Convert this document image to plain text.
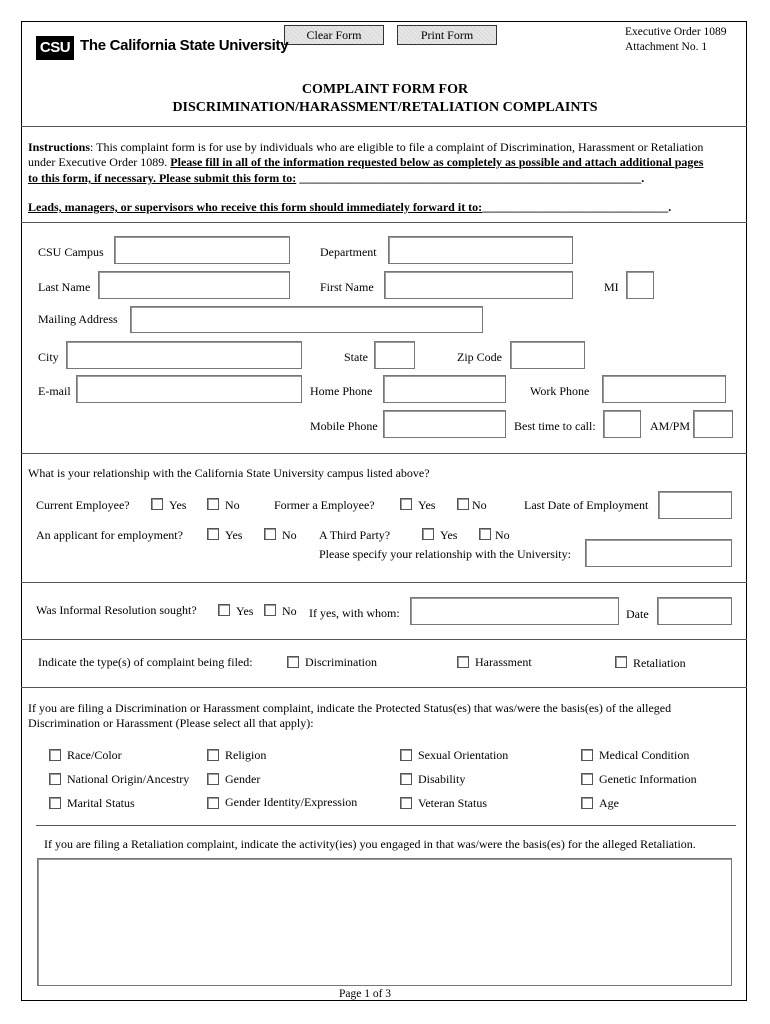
Clear Form	Print Form	Executive Order 1089
Attachment No. 1
CSU The California State University
COMPLAINT FORM FOR
DISCRIMINATION/HARASSMENT/RETALIATION COMPLAINTS
Instructions: This complaint form is for use by individuals who are eligible to file a complaint of Discrimination, Harassment or Retaliation
under Executive Order 1089. Please fill in all of the information requested below as completely as possible and attach additional pages
to this form, if necessary. Please submit this form to: _________________________________________________________.
Leads, managers, or supervisors who receive this form should immediately forward it to:_______________________________.
CSU Campus	Department
Last Name	First Name	MI
Mailing Address
City	State	Zip Code
E-mail	Home Phone	Work Phone
Mobile Phone	Best time to call:	AM/PM
What is your relationship with the California State University campus listed above?
Current Employee?	Yes	No	Former a Employee?	Yes	No	Last Date of Employment
An applicant for employment?	Yes	No A Third Party?	Yes	No
Please specify your relationship with the University:
Was Informal Resolution sought?	Yes No If yes, with whom:	Date
Indicate the type(s) of complaint being filed:	Discrimination	Harassment	Retaliation
If you are filing a Discrimination or Harassment complaint, indicate the Protected Status(es) that was/were the basis(es) of the alleged
Discrimination or Harassment (Please select all that apply):
Race/Color	Religion	Sexual Orientation	Medical Condition
National Origin/Ancestry	Gender	Disability	Genetic Information
Marital Status	Gender Identity/Expression	Veteran Status	Age
If you are filing a Retaliation complaint, indicate the activity(ies) you engaged in that was/were the basis(es) for the alleged Retaliation.
Page 1 of 3
